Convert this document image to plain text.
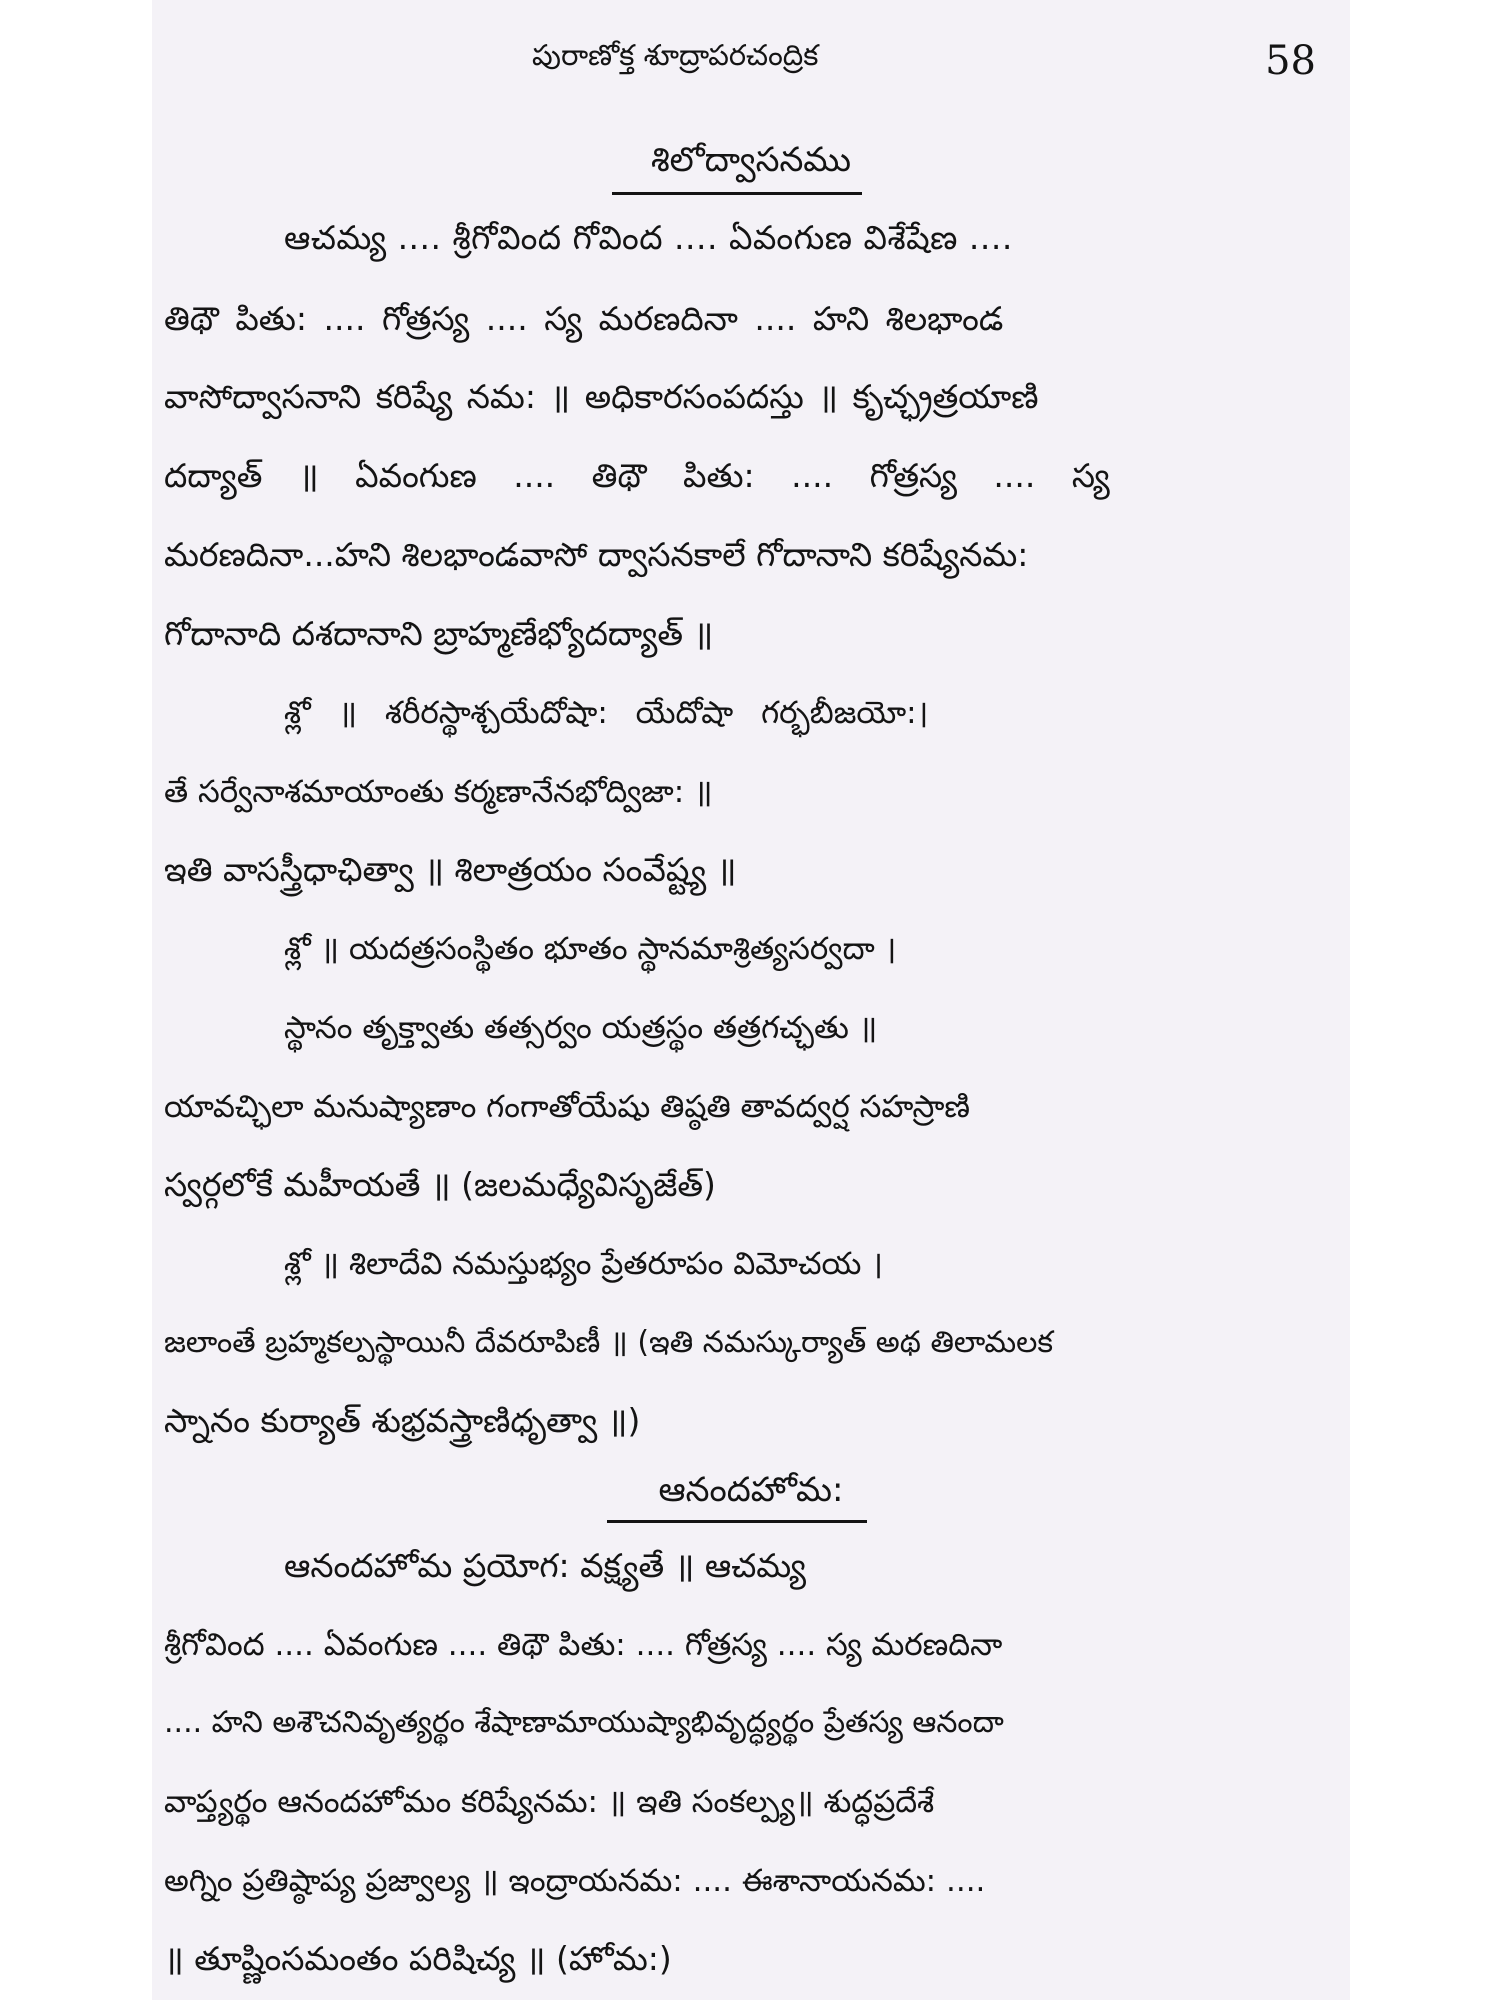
పురాణోక్త శూద్రాపరచంద్రిక	58
శిలోద్వాసనము
ఆచమ్య .... శ్రీగోవింద గోవింద .... ఏవంగుణ విశేషేణ ....
తిథౌ పితు: .... గోత్రస్య .... స్య మరణదినా .... హని శిలభాండ
వాసోద్వాసనాని కరిష్యే నమ: ॥ అధికారసంపదస్తు ॥ కృచ్ఛ్రత్రయాణి
దద్యాత్ ॥ ఏవంగుణ .... తిథౌ పితు: .... గోత్రస్య .... స్య
మరణదినా...హని శిలభాండవాసో ద్వాసనకాలే గోదానాని కరిష్యేనమ:
గోదానాది దశదానాని బ్రాహ్మణేభ్యోదద్యాత్ ॥
శ్లో ॥ శరీరస్థాశ్చయేదోషా: యేదోషా గర్భబీజయో:।
తే సర్వేనాశమాయాంతు కర్మణానేనభోద్విజా: ॥
ఇతి వాసస్త్రీధాఛిత్వా ॥ శిలాత్రయం సంవేష్ట్య ॥
శ్లో ॥ యదత్రసంస్థితం భూతం స్థానమాశ్రిత్యసర్వదా ।
స్థానం తృక్త్వాతు తత్సర్వం యత్రస్థం తత్రగచ్ఛతు ॥
యావచ్ఛిలా మనుష్యాణాం గంగాతోయేషు తిష్ఠతి తావద్వర్ష సహస్రాణి
స్వర్గలోకే మహీయతే ॥ (జలమధ్యేవిసృజేత్)
శ్లో ॥ శిలాదేవి నమస్తుభ్యం ప్రేతరూపం విమోచయ ।
జలాంతే బ్రహ్మకల్పస్థాయినీ దేవరూపిణీ ॥ (ఇతి నమస్కుర్యాత్ అథ తిలామలక
స్నానం కుర్యాత్ శుభ్రవస్త్రాణిధృత్వా ॥)
ఆనందహోమ:
ఆనందహోమ ప్రయోగ: వక్ష్యతే ॥ ఆచమ్య
శ్రీగోవింద .... ఏవంగుణ .... తిథౌ పితు: .... గోత్రస్య .... స్య మరణదినా
.... హని అశౌచనివృత్యర్థం శేషాణామాయుష్యాభివృద్ధ్యర్థం ప్రేతస్య ఆనందా
వాప్త్యర్థం ఆనందహోమం కరిష్యేనమ: ॥ ఇతి సంకల్ప్య॥ శుద్ధప్రదేశే
అగ్నిం ప్రతిష్ఠాప్య ప్రజ్వాల్య ॥ ఇంద్రాయనమ: .... ఈశానాయనమ: ....
॥ తూష్ణింసమంతం పరిషిచ్య ॥ (హోమ:)
